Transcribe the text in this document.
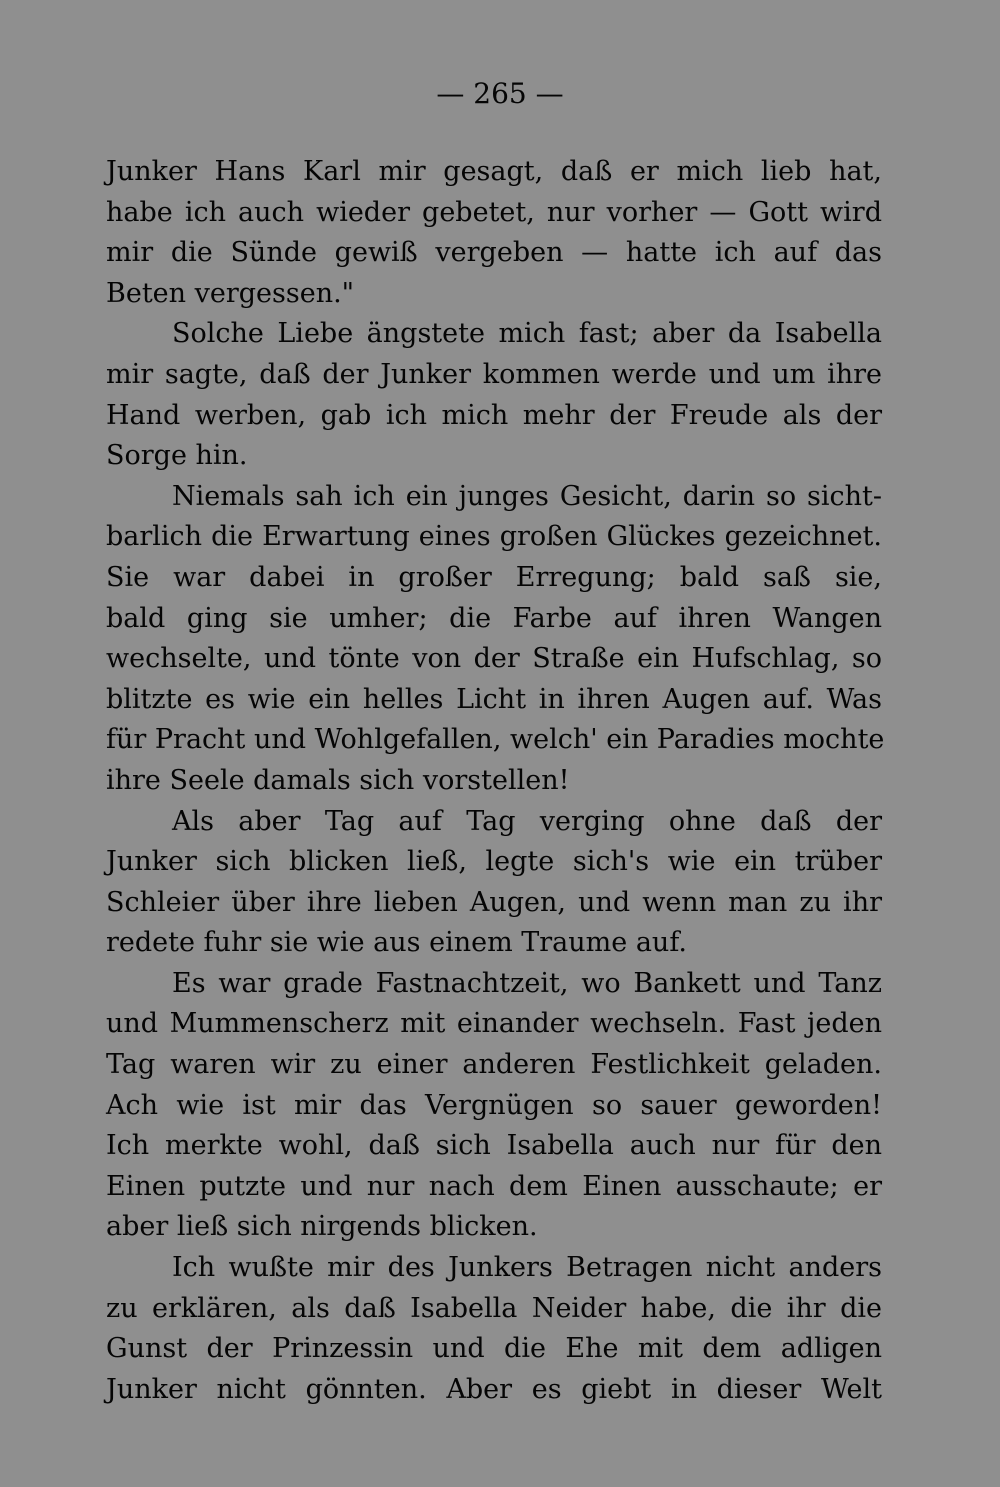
— 265 —
Junker Hans Karl mir gesagt, daß er mich lieb hat,
habe ich auch wieder gebetet, nur vorher — Gott wird
mir die Sünde gewiß vergeben — hatte ich auf das
Beten vergessen."
Solche Liebe ängstete mich fast; aber da Isabella
mir sagte, daß der Junker kommen werde und um ihre
Hand werben, gab ich mich mehr der Freude als der
Sorge hin.
Niemals sah ich ein junges Gesicht, darin so sicht-
barlich die Erwartung eines großen Glückes gezeichnet.
Sie war dabei in großer Erregung; bald saß sie,
bald ging sie umher; die Farbe auf ihren Wangen
wechselte, und tönte von der Straße ein Hufschlag, so
blitzte es wie ein helles Licht in ihren Augen auf. Was
für Pracht und Wohlgefallen, welch' ein Paradies mochte
ihre Seele damals sich vorstellen!
Als aber Tag auf Tag verging ohne daß der
Junker sich blicken ließ, legte sich's wie ein trüber
Schleier über ihre lieben Augen, und wenn man zu ihr
redete fuhr sie wie aus einem Traume auf.
Es war grade Fastnachtzeit, wo Bankett und Tanz
und Mummenscherz mit einander wechseln. Fast jeden
Tag waren wir zu einer anderen Festlichkeit geladen.
Ach wie ist mir das Vergnügen so sauer geworden!
Ich merkte wohl, daß sich Isabella auch nur für den
Einen putzte und nur nach dem Einen ausschaute; er
aber ließ sich nirgends blicken.
Ich wußte mir des Junkers Betragen nicht anders
zu erklären, als daß Isabella Neider habe, die ihr die
Gunst der Prinzessin und die Ehe mit dem adligen
Junker nicht gönnten. Aber es giebt in dieser Welt
